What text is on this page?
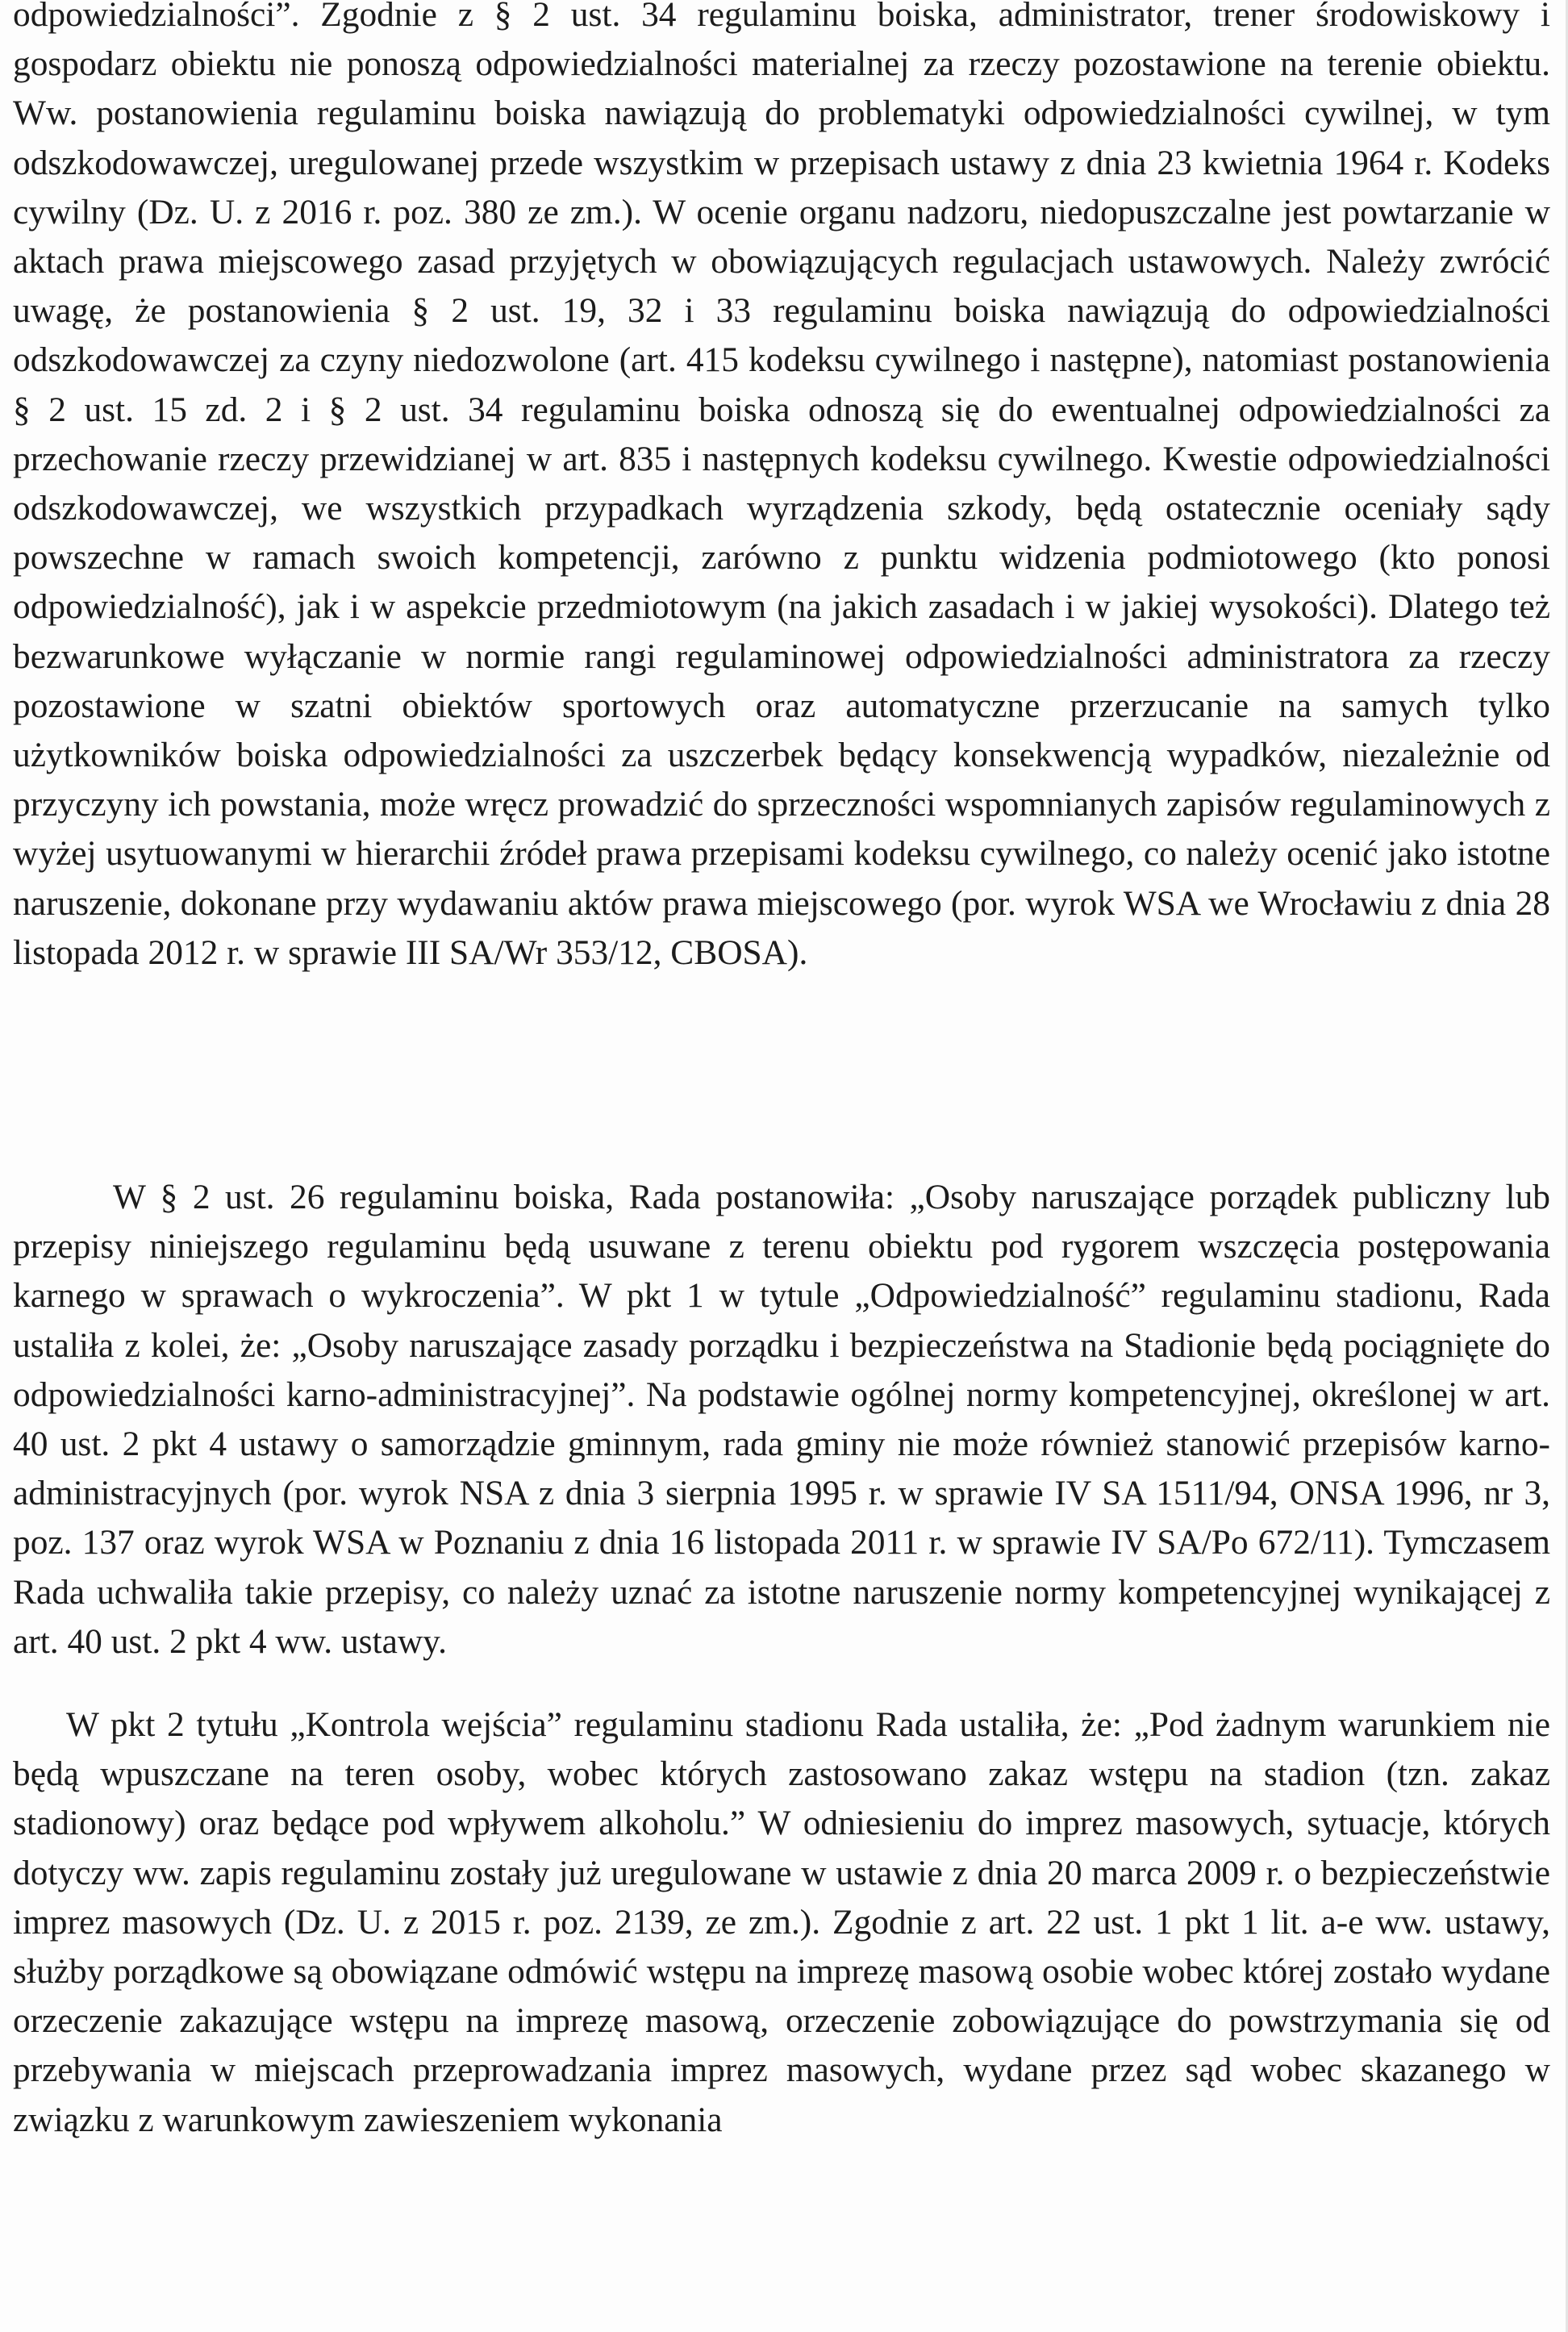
odpowiedzialności”. Zgodnie z § 2 ust. 34 regulaminu boiska, administrator, trener środowiskowy i gospodarz obiektu nie ponoszą odpowiedzialności materialnej za rzeczy pozostawione na terenie obiektu. Ww. postanowienia regulaminu boiska nawiązują do problematyki odpowiedzialności cywilnej, w tym odszkodowawczej, uregulowanej przede wszystkim w przepisach ustawy z dnia 23 kwietnia 1964 r. Kodeks cywilny (Dz. U. z 2016 r. poz. 380 ze zm.). W ocenie organu nadzoru, niedopuszczalne jest powtarzanie w aktach prawa miejscowego zasad przyjętych w obowiązujących regulacjach ustawowych. Należy zwrócić uwagę, że postanowienia § 2 ust. 19, 32 i 33 regulaminu boiska nawiązują do odpowiedzialności odszkodowawczej za czyny niedozwolone (art. 415 kodeksu cywilnego i następne), natomiast postanowienia § 2 ust. 15 zd. 2 i § 2 ust. 34 regulaminu boiska odnoszą się do ewentualnej odpowiedzialności za przechowanie rzeczy przewidzianej w art. 835 i następnych kodeksu cywilnego. Kwestie odpowiedzialności odszkodowawczej, we wszystkich przypadkach wyrządzenia szkody, będą ostatecznie oceniały sądy powszechne w ramach swoich kompetencji, zarówno z punktu widzenia podmiotowego (kto ponosi odpowiedzialność), jak i w aspekcie przedmiotowym (na jakich zasadach i w jakiej wysokości). Dlatego też bezwarunkowe wyłączanie w normie rangi regulaminowej odpowiedzialności administratora za rzeczy pozostawione w szatni obiektów sportowych oraz automatyczne przerzucanie na samych tylko użytkowników boiska odpowiedzialności za uszczerbek będący konsekwencją wypadków, niezależnie od przyczyny ich powstania, może wręcz prowadzić do sprzeczności wspomnianych zapisów regulaminowych z wyżej usytuowanymi w hierarchii źródeł prawa przepisami kodeksu cywilnego, co należy ocenić jako istotne naruszenie, dokonane przy wydawaniu aktów prawa miejscowego (por. wyrok WSA we Wrocławiu z dnia 28 listopada 2012 r. w sprawie III SA/Wr 353/12, CBOSA).

W § 2 ust. 26 regulaminu boiska, Rada postanowiła: „Osoby naruszające porządek publiczny lub przepisy niniejszego regulaminu będą usuwane z terenu obiektu pod rygorem wszczęcia postępowania karnego w sprawach o wykroczenia”. W pkt 1 w tytule „Odpowiedzialność” regulaminu stadionu, Rada ustaliła z kolei, że: „Osoby naruszające zasady porządku i bezpieczeństwa na Stadionie będą pociągnięte do odpowiedzialności karno-administracyjnej”. Na podstawie ogólnej normy kompetencyjnej, określonej w art. 40 ust. 2 pkt 4 ustawy o samorządzie gminnym, rada gminy nie może również stanowić przepisów karno-administracyjnych (por. wyrok NSA z dnia 3 sierpnia 1995 r. w sprawie IV SA 1511/94, ONSA 1996, nr 3, poz. 137 oraz wyrok WSA w Poznaniu z dnia 16 listopada 2011 r. w sprawie IV SA/Po 672/11). Tymczasem Rada uchwaliła takie przepisy, co należy uznać za istotne naruszenie normy kompetencyjnej wynikającej z art. 40 ust. 2 pkt 4 ww. ustawy.

W pkt 2 tytułu „Kontrola wejścia” regulaminu stadionu Rada ustaliła, że: „Pod żadnym warunkiem nie będą wpuszczane na teren osoby, wobec których zastosowano zakaz wstępu na stadion (tzn. zakaz stadionowy) oraz będące pod wpływem alkoholu.” W odniesieniu do imprez masowych, sytuacje, których dotyczy ww. zapis regulaminu zostały już uregulowane w ustawie z dnia 20 marca 2009 r. o bezpieczeństwie imprez masowych (Dz. U. z 2015 r. poz. 2139, ze zm.). Zgodnie z art. 22 ust. 1 pkt 1 lit. a-e ww. ustawy, służby porządkowe są obowiązane odmówić wstępu na imprezę masową osobie wobec której zostało wydane orzeczenie zakazujące wstępu na imprezę masową, orzeczenie zobowiązujące do powstrzymania się od przebywania w miejscach przeprowadzania imprez masowych, wydane przez sąd wobec skazanego w związku z warunkowym zawieszeniem wykonania
